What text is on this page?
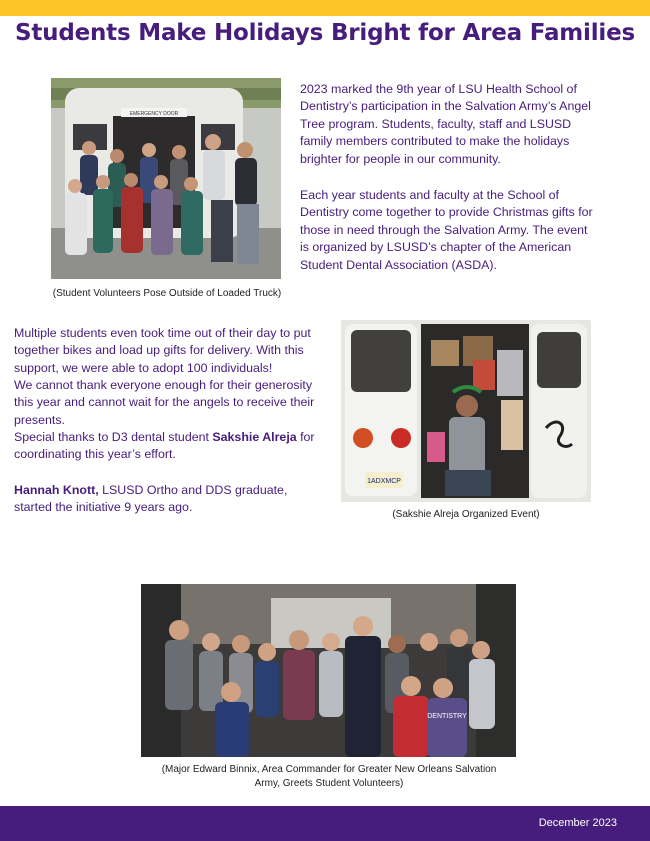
Students Make Holidays Bright for Area Families
EMERGENCY DOOR
(Student Volunteers Pose Outside of Loaded Truck)

2023 marked the 9th year of LSU Health School of Dentistry’s participation in the Salvation Army’s Angel Tree program. Students, faculty, staff and LSUSD family members contributed to make the holidays brighter for people in our community.

Each year students and faculty at the School of Dentistry come together to provide Christmas gifts for those in need through the Salvation Army. The event is organized by LSUSD’s chapter of the American Student Dental Association (ASDA).

Multiple students even took time out of their day to put together bikes and load up gifts for delivery. With this support, we were able to adopt 100 individuals!

We cannot thank everyone enough for their generosity this year and cannot wait for the angels to receive their presents.

Special thanks to D3 dental student Sakshie Alreja for coordinating this year’s effort.

Hannah Knott, LSUSD Ortho and DDS graduate, started the initiative 9 years ago.

1ADXMCP
(Sakshie Alreja Organized Event)
DENTISTRY
(Major Edward Binnix, Area Commander for Greater New Orleans Salvation
Army, Greets Student Volunteers)
December 2023
